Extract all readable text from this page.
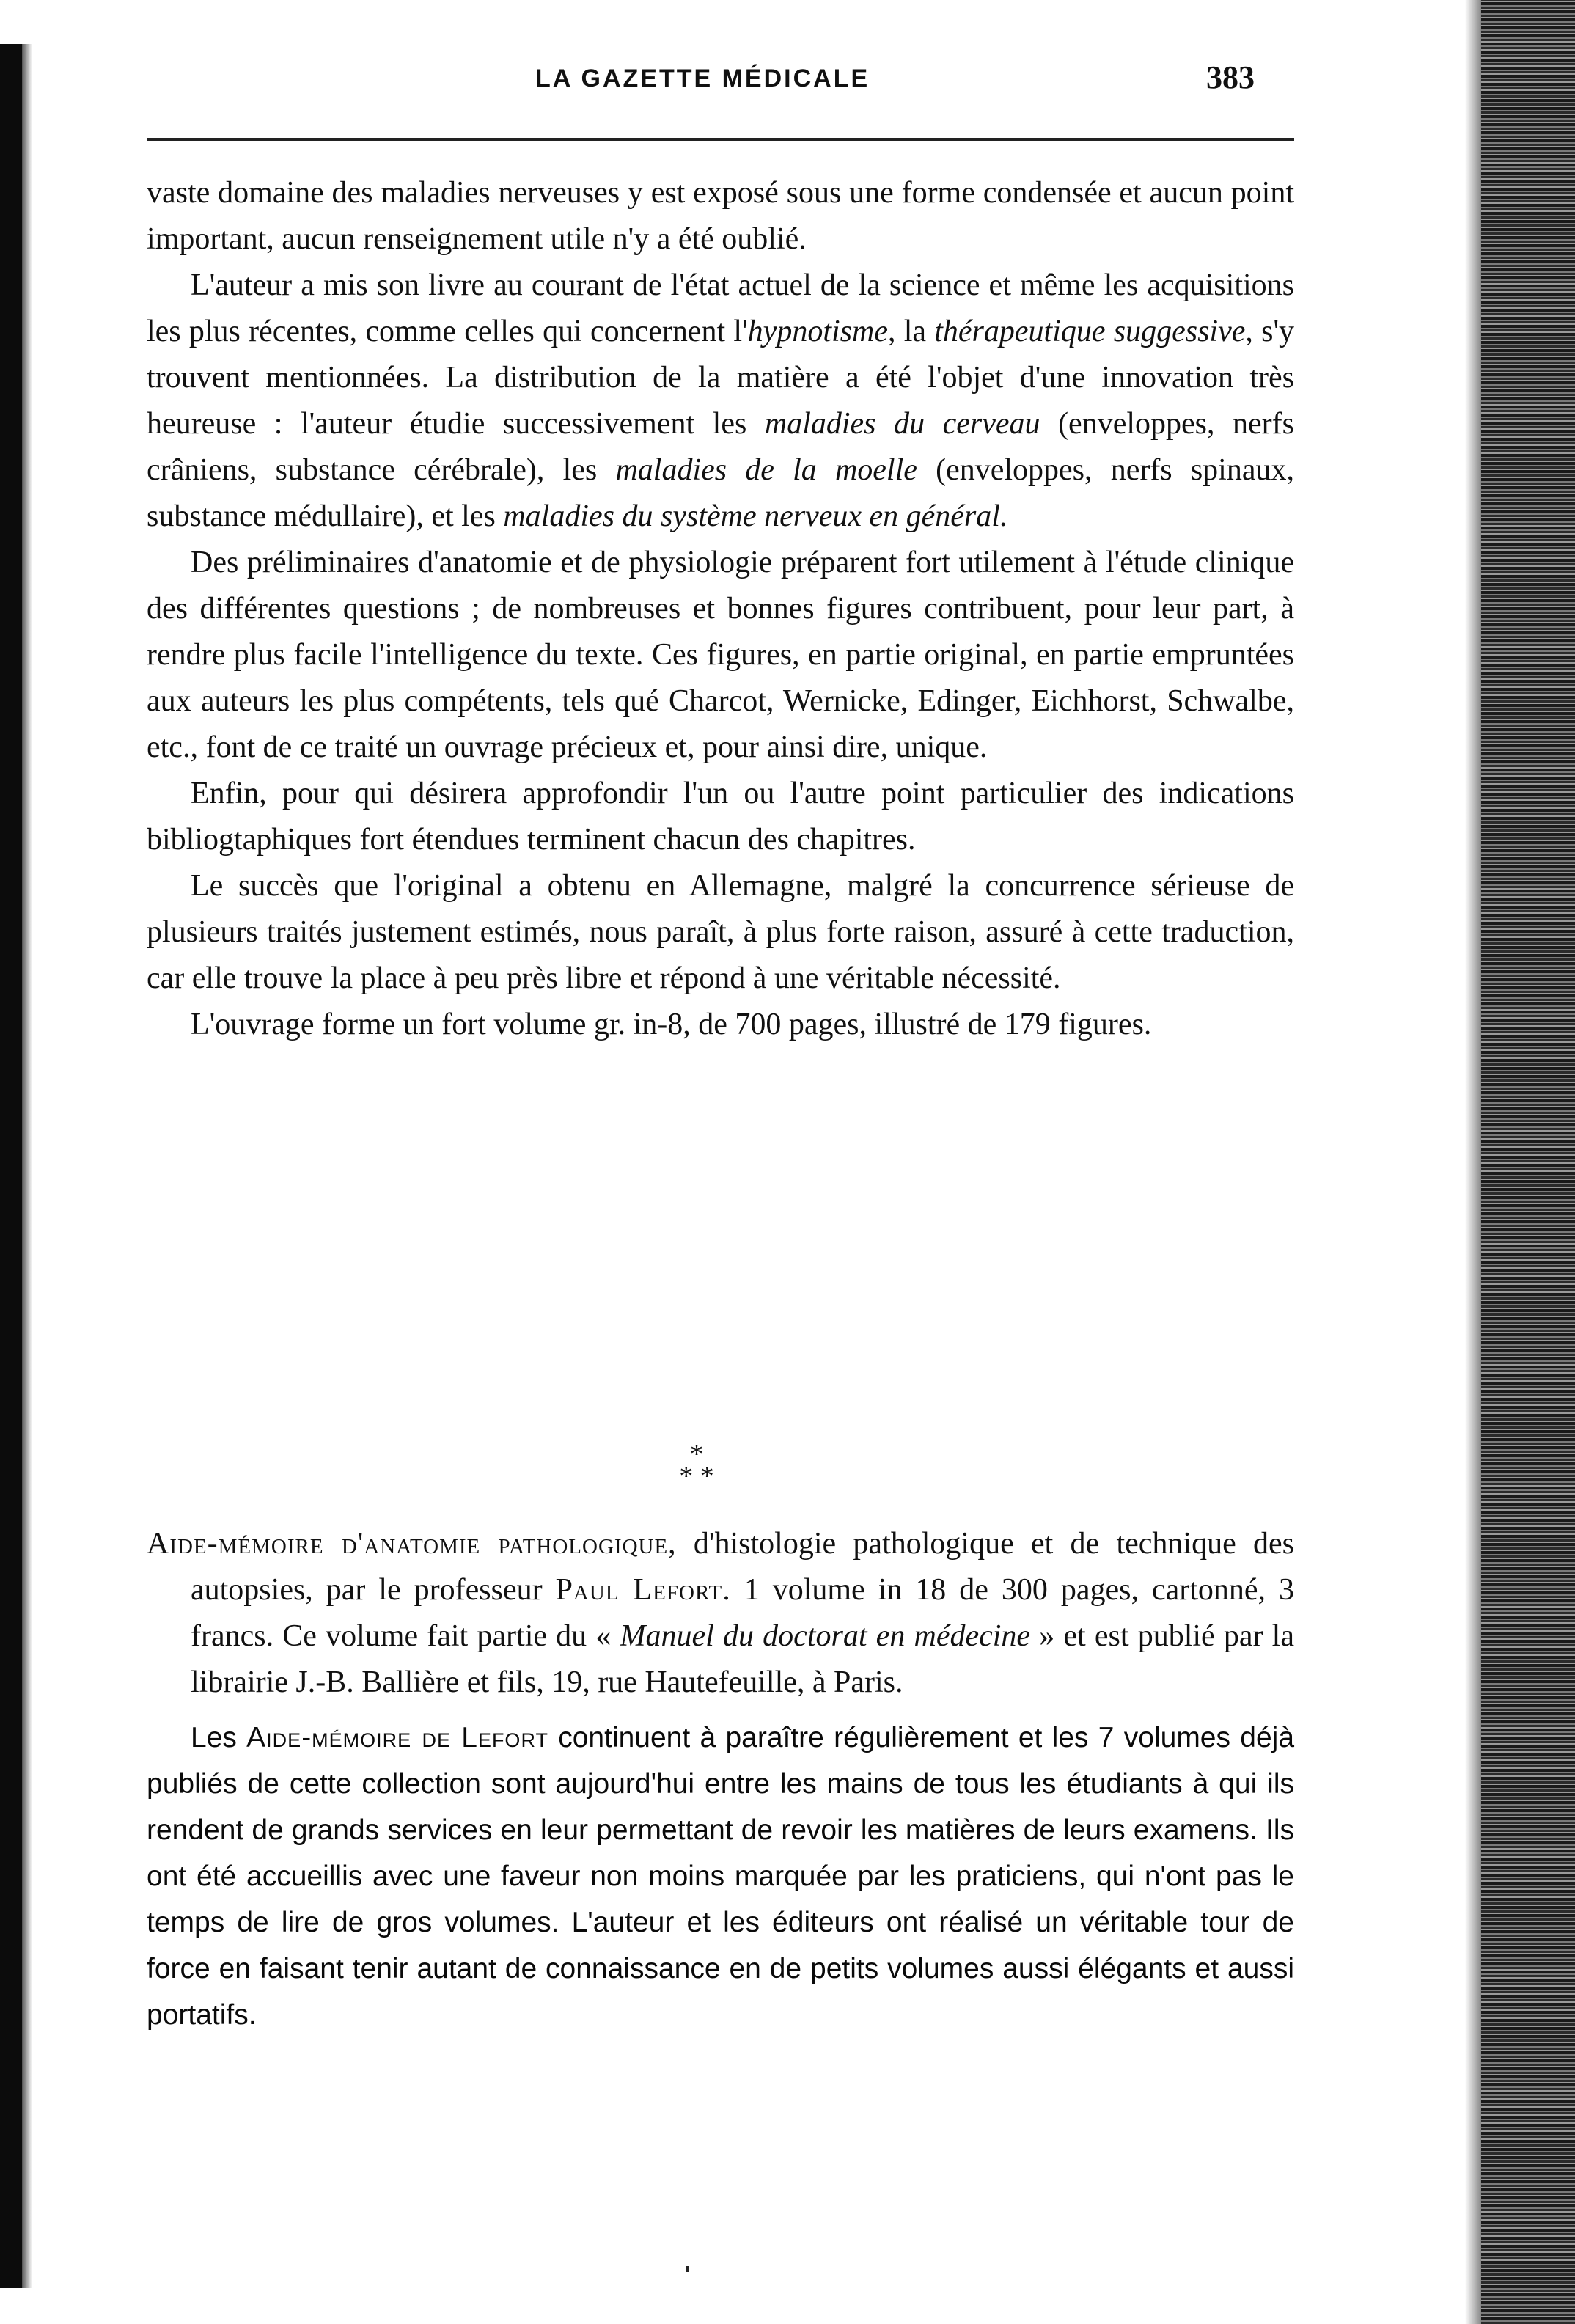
LA GAZETTE MÉDICALE	383

vaste domaine des maladies nerveuses y est exposé sous une forme condensée et aucun point important, aucun renseignement utile n'y a été oublié.

L'auteur a mis son livre au courant de l'état actuel de la science et même les acquisitions les plus récentes, comme celles qui concernent l'hypnotisme, la thérapeutique suggessive, s'y trouvent mentionnées. La distribution de la matière a été l'objet d'une innovation très heureuse : l'auteur étudie successivement les maladies du cerveau (enveloppes, nerfs crâniens, substance cérébrale), les maladies de la moelle (enveloppes, nerfs spinaux, substance médullaire), et les maladies du système nerveux en général.

Des préliminaires d'anatomie et de physiologie préparent fort utilement à l'étude clinique des différentes questions ; de nombreuses et bonnes figures contribuent, pour leur part, à rendre plus facile l'intelligence du texte. Ces figures, en partie original, en partie empruntées aux auteurs les plus compétents, tels qué Charcot, Wernicke, Edinger, Eichhorst, Schwalbe, etc., font de ce traité un ouvrage précieux et, pour ainsi dire, unique.

Enfin, pour qui désirera approfondir l'un ou l'autre point particulier des indications bibliogtaphiques fort étendues terminent chacun des chapitres.

Le succès que l'original a obtenu en Allemagne, malgré la concurrence sérieuse de plusieurs traités justement estimés, nous paraît, à plus forte raison, assuré à cette traduction, car elle trouve la place à peu près libre et répond à une véritable nécessité.

L'ouvrage forme un fort volume gr. in-8, de 700 pages, illustré de 179 figures.

*
* *

Aide-mémoire d'anatomie pathologique, d'histologie pathologique et de technique des autopsies, par le professeur Paul Lefort. 1 volume in 18 de 300 pages, cartonné, 3 francs. Ce volume fait partie du « Manuel du doctorat en médecine » et est publié par la librairie J.-B. Ballière et fils, 19, rue Hautefeuille, à Paris.

Les Aide-mémoire de Lefort continuent à paraître régulièrement et les 7 volumes déjà publiés de cette collection sont aujourd'hui entre les mains de tous les étudiants à qui ils rendent de grands services en leur permettant de revoir les matières de leurs examens. Ils ont été accueillis avec une faveur non moins marquée par les praticiens, qui n'ont pas le temps de lire de gros volumes. L'auteur et les éditeurs ont réalisé un véritable tour de force en faisant tenir autant de connaissance en de petits volumes aussi élégants et aussi portatifs.
